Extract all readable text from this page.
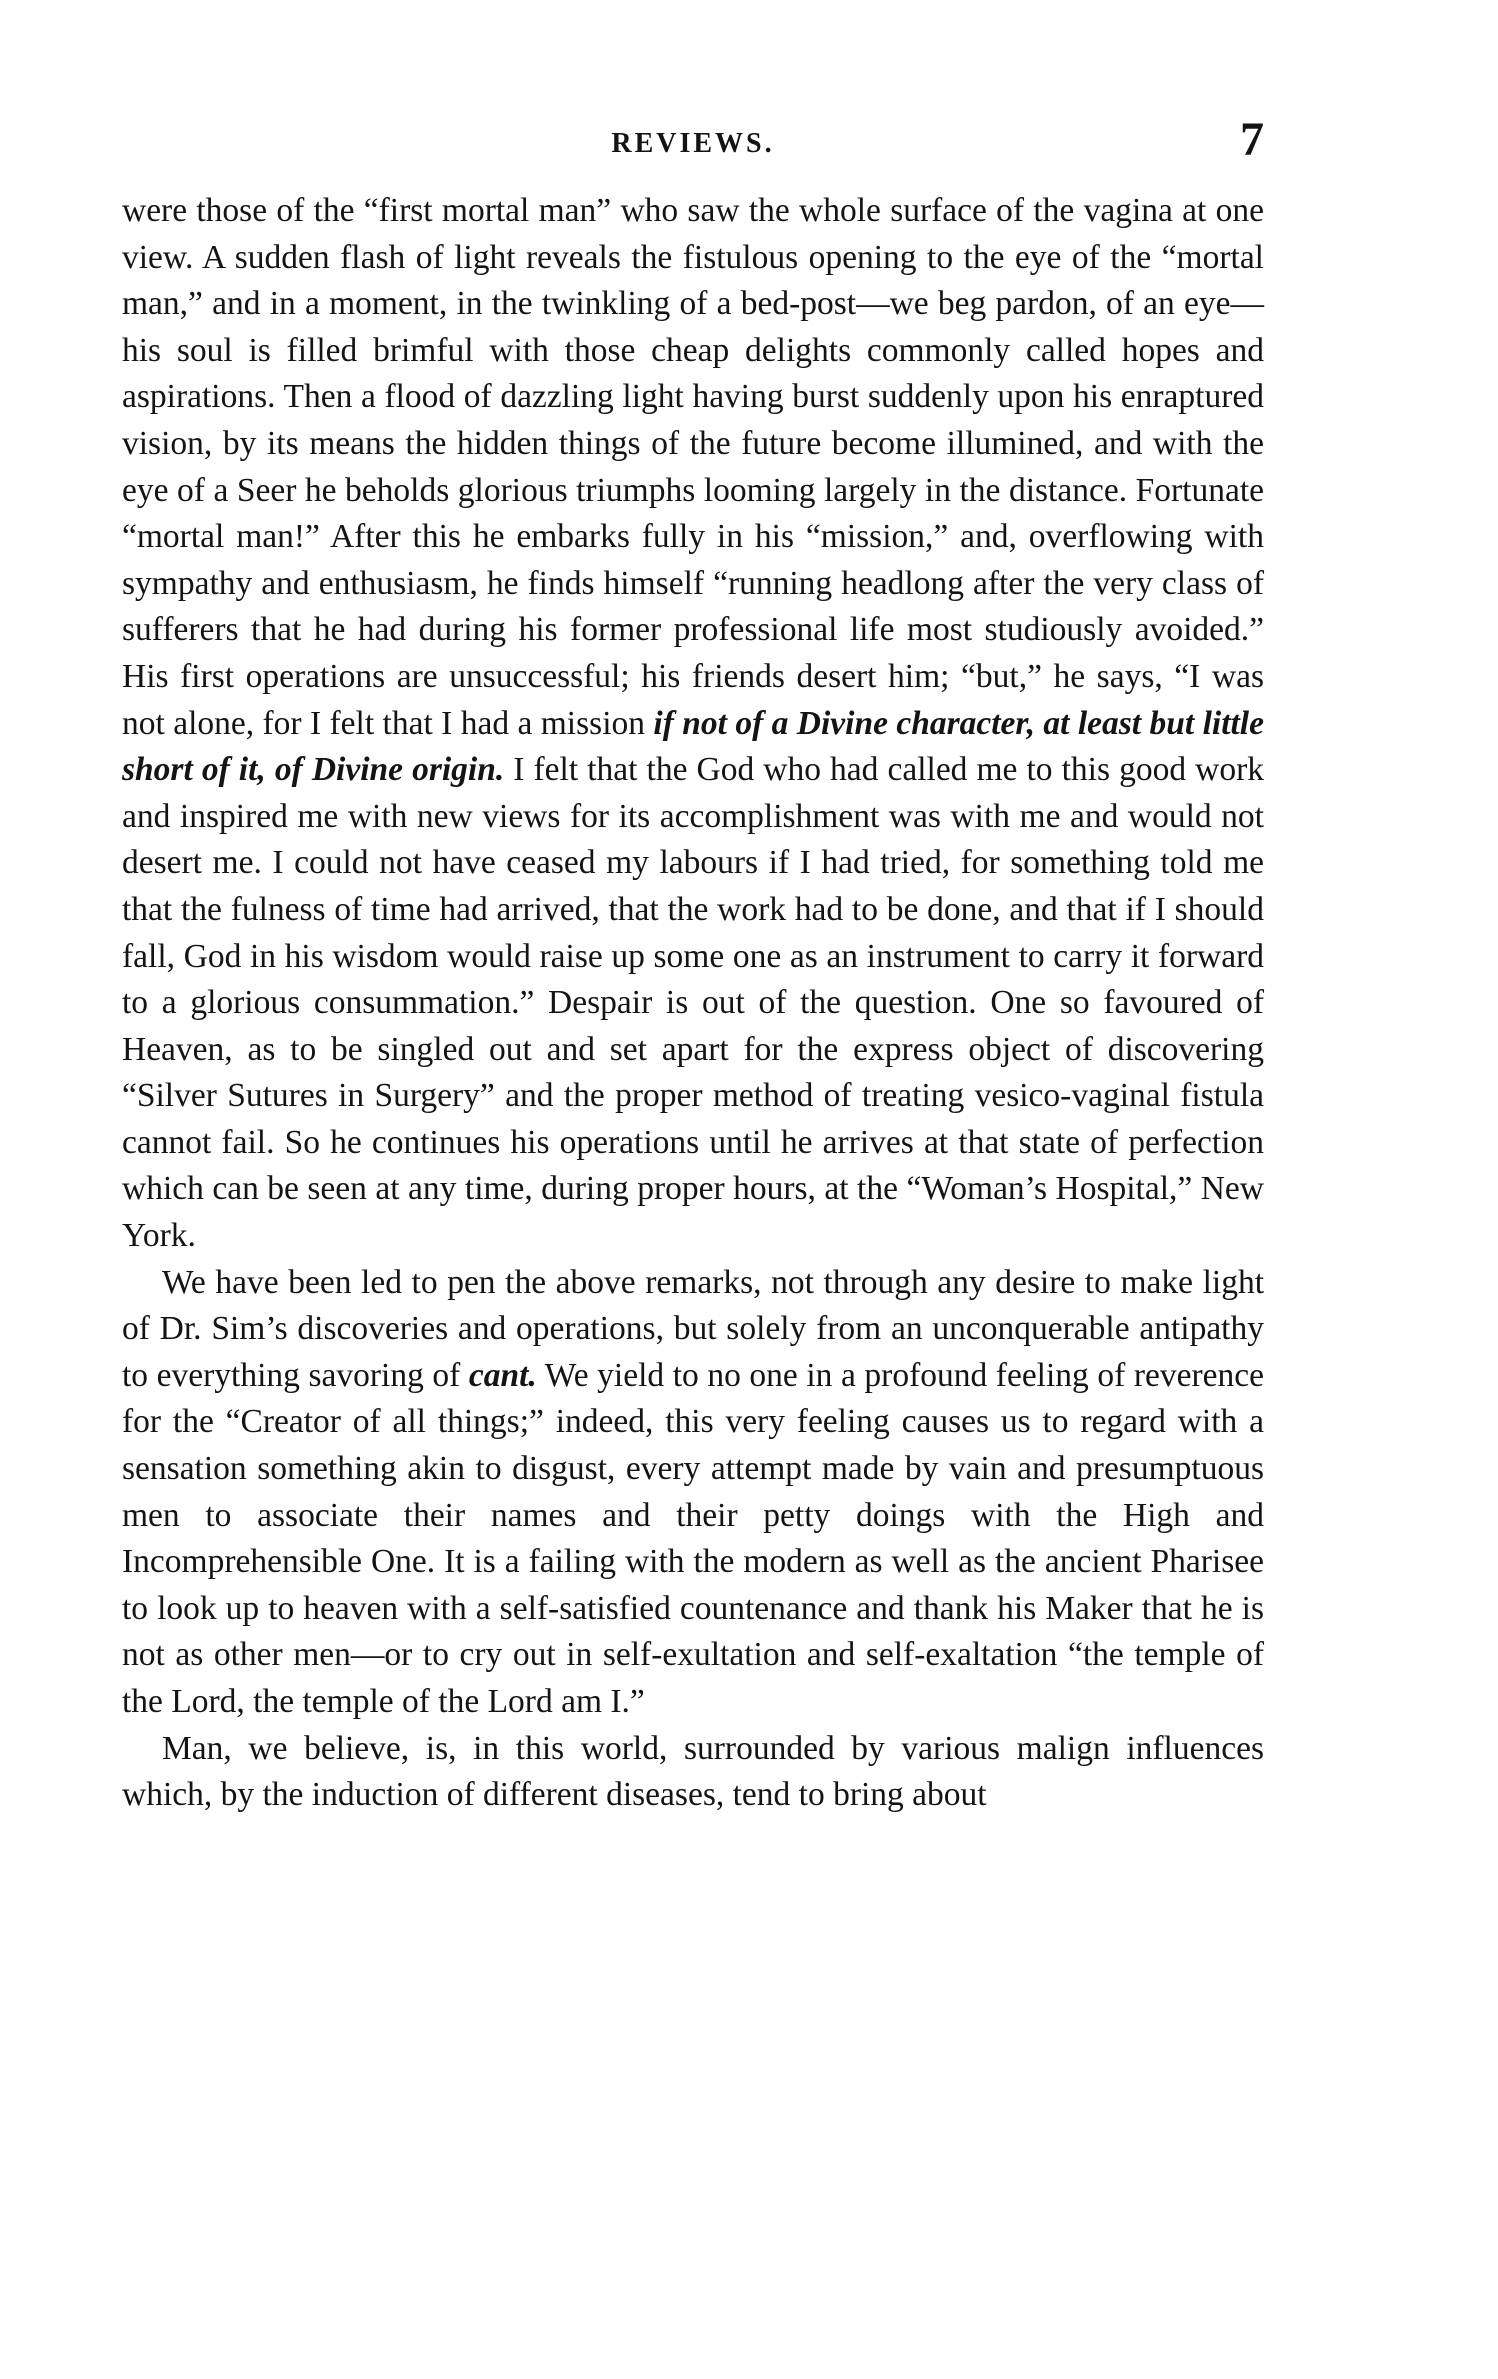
REVIEWS.	7

were those of the “first mortal man” who saw the whole surface of the vagina at one view. A sudden flash of light reveals the fistulous opening to the eye of the “mortal man,” and in a moment, in the twinkling of a bed-post—we beg pardon, of an eye—his soul is filled brimful with those cheap delights commonly called hopes and aspirations. Then a flood of dazzling light having burst suddenly upon his enraptured vision, by its means the hidden things of the future become illumined, and with the eye of a Seer he beholds glorious triumphs looming largely in the distance. Fortunate “mortal man!” After this he embarks fully in his “mission,” and, overflowing with sympathy and enthusiasm, he finds himself “running headlong after the very class of sufferers that he had during his former professional life most studiously avoided.” His first operations are unsuccessful; his friends desert him; “but,” he says, “I was not alone, for I felt that I had a mission if not of a Divine character, at least but little short of it, of Divine origin. I felt that the God who had called me to this good work and inspired me with new views for its accomplishment was with me and would not desert me. I could not have ceased my labours if I had tried, for something told me that the fulness of time had arrived, that the work had to be done, and that if I should fall, God in his wisdom would raise up some one as an instrument to carry it forward to a glorious consummation.” Despair is out of the question. One so favoured of Heaven, as to be singled out and set apart for the express object of discovering “Silver Sutures in Surgery” and the proper method of treating vesico-vaginal fistula cannot fail. So he continues his operations until he arrives at that state of perfection which can be seen at any time, during proper hours, at the “Woman’s Hospital,” New York.

We have been led to pen the above remarks, not through any desire to make light of Dr. Sim’s discoveries and operations, but solely from an unconquerable antipathy to everything savoring of cant. We yield to no one in a profound feeling of reverence for the “Creator of all things;” indeed, this very feeling causes us to regard with a sensation something akin to disgust, every attempt made by vain and presumptuous men to associate their names and their petty doings with the High and Incomprehensible One. It is a failing with the modern as well as the ancient Pharisee to look up to heaven with a self-satisfied countenance and thank his Maker that he is not as other men—or to cry out in self-exultation and self-exaltation “the temple of the Lord, the temple of the Lord am I.”

Man, we believe, is, in this world, surrounded by various malign influences which, by the induction of different diseases, tend to bring about
